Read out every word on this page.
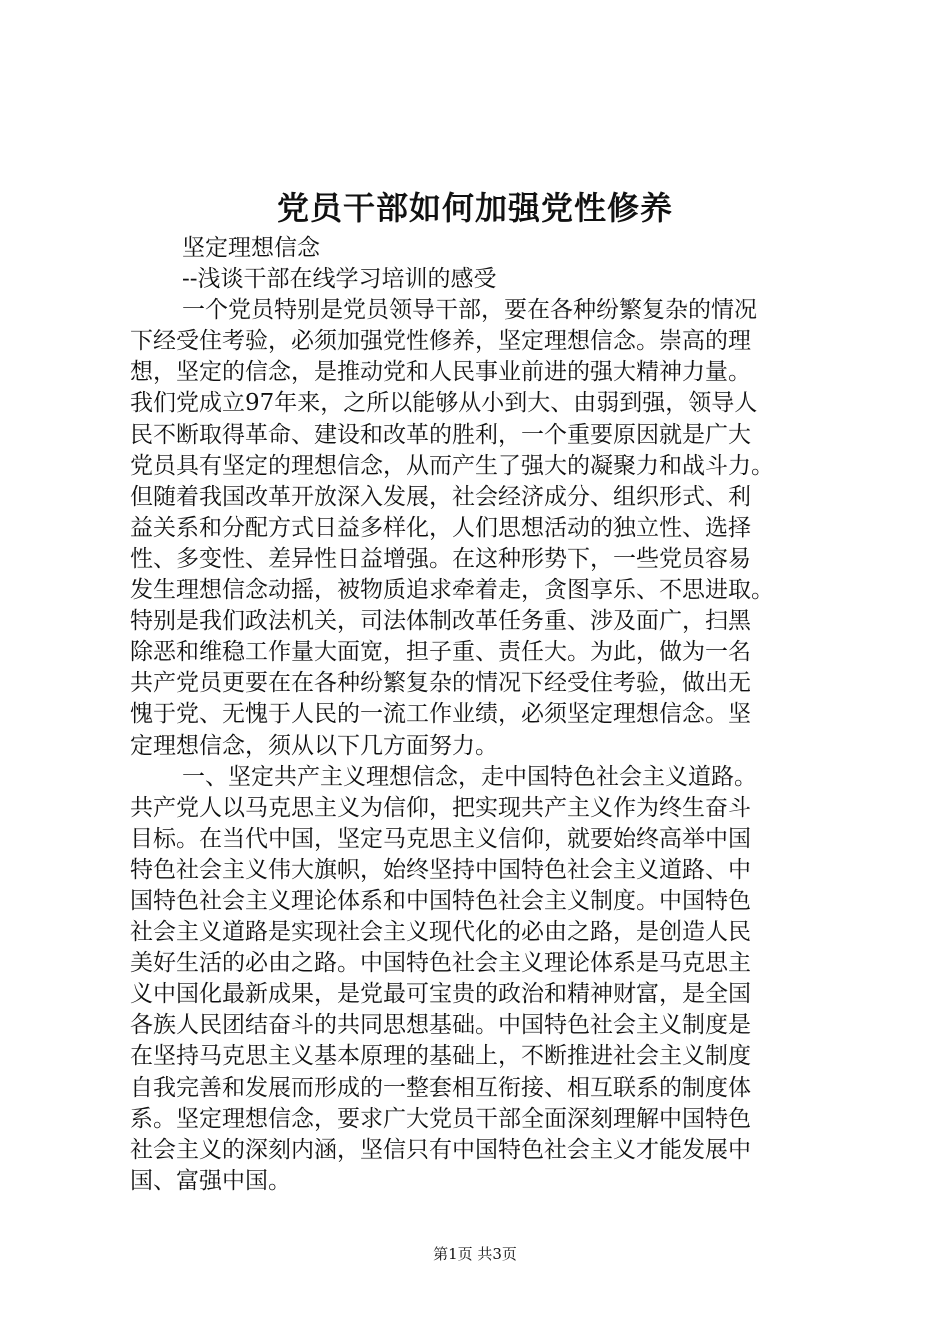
党员干部如何加强党性修养
坚定理想信念
--浅谈干部在线学习培训的感受
一个党员特别是党员领导干部，要在各种纷繁复杂的情况
下经受住考验，必须加强党性修养，坚定理想信念。崇高的理
想，坚定的信念，是推动党和人民事业前进的强大精神力量。
我们党成立97年来，之所以能够从小到大、由弱到强，领导人
民不断取得革命、建设和改革的胜利，一个重要原因就是广大
党员具有坚定的理想信念，从而产生了强大的凝聚力和战斗力。
但随着我国改革开放深入发展，社会经济成分、组织形式、利
益关系和分配方式日益多样化，人们思想活动的独立性、选择
性、多变性、差异性日益增强。在这种形势下，一些党员容易
发生理想信念动摇，被物质追求牵着走，贪图享乐、不思进取。
特别是我们政法机关，司法体制改革任务重、涉及面广，扫黑
除恶和维稳工作量大面宽，担子重、责任大。为此，做为一名
共产党员更要在在各种纷繁复杂的情况下经受住考验，做出无
愧于党、无愧于人民的一流工作业绩，必须坚定理想信念。坚
定理想信念，须从以下几方面努力。
一、坚定共产主义理想信念，走中国特色社会主义道路。
共产党人以马克思主义为信仰，把实现共产主义作为终生奋斗
目标。在当代中国，坚定马克思主义信仰，就要始终高举中国
特色社会主义伟大旗帜，始终坚持中国特色社会主义道路、中
国特色社会主义理论体系和中国特色社会主义制度。中国特色
社会主义道路是实现社会主义现代化的必由之路，是创造人民
美好生活的必由之路。中国特色社会主义理论体系是马克思主
义中国化最新成果，是党最可宝贵的政治和精神财富，是全国
各族人民团结奋斗的共同思想基础。中国特色社会主义制度是
在坚持马克思主义基本原理的基础上，不断推进社会主义制度
自我完善和发展而形成的一整套相互衔接、相互联系的制度体
系。坚定理想信念，要求广大党员干部全面深刻理解中国特色
社会主义的深刻内涵，坚信只有中国特色社会主义才能发展中
国、富强中国。
第1页 共3页
